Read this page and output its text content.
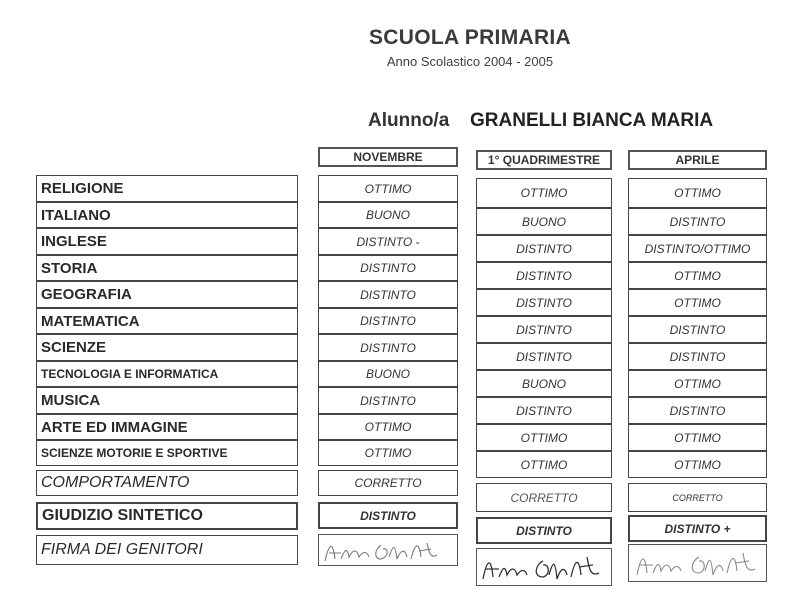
SCUOLA PRIMARIA
Anno Scolastico 2004 - 2005
Alunno/a GRANELLI BIANCA MARIA
NOVEMBRE	1° QUADRIMESTRE	APRILE
RELIGIONE
ITALIANO
INGLESE
STORIA
GEOGRAFIA
MATEMATICA
SCIENZE
TECNOLOGIA E INFORMATICA
MUSICA
ARTE ED IMMAGINE
SCIENZE MOTORIE E SPORTIVE
COMPORTAMENTO
GIUDIZIO SINTETICO
FIRMA DEI GENITORI
OTTIMO
BUONO
DISTINTO -
DISTINTO
DISTINTO
DISTINTO
DISTINTO
BUONO
DISTINTO
OTTIMO
OTTIMO
CORRETTO
DISTINTO
OTTIMO
BUONO
DISTINTO
DISTINTO
DISTINTO
DISTINTO
DISTINTO
BUONO
DISTINTO
OTTIMO
OTTIMO
CORRETTO
DISTINTO
OTTIMO
DISTINTO
DISTINTO/OTTIMO
OTTIMO
OTTIMO
DISTINTO
DISTINTO
OTTIMO
DISTINTO
OTTIMO
OTTIMO
CORRETTO
DISTINTO +
